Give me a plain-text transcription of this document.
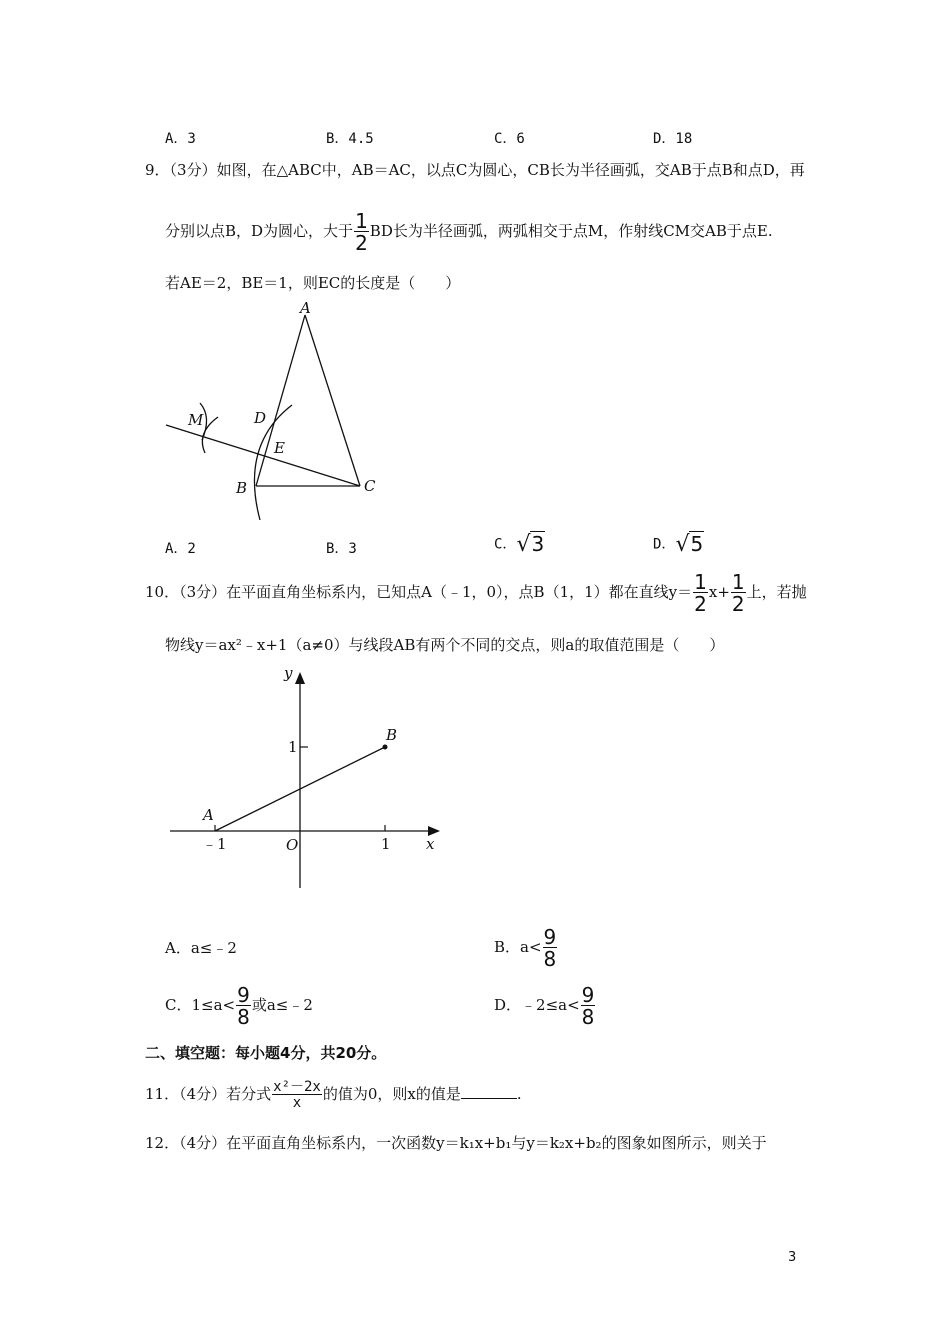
A．3	B．4.5	C．6	D．18
9．（3分）如图，在△ABC中，AB＝AC，以点C为圆心，CB长为半径画弧，交AB于点B和点D，再
分别以点B，D为圆心，大于 $\frac{1}{2}$ BD长为半径画弧，两弧相交于点M，作射线CM交AB于点E.
若AE＝2，BE＝1，则EC的长度是（　　）
A
D
E
M
B	C
A．2	B．3	C．√3	D．√5
10．（3分）在平面直角坐标系内，已知点A（﹣1，0），点B（1，1）都在直线$y= \frac{1}{2} x+ \frac{1}{2}$ 上，若抛
物线y＝ax²﹣x+1（a≠0）与线段AB有两个不同的交点，则a的取值范围是（　　）
y
x
O
A
B
1
1
﹣1
A．a≤﹣2	B．$a< \frac{9}{8}$
C．$1\le a< \frac{9}{8}$ 或a≤﹣2	D．﹣2≤a< $\frac{9}{8}$
二、填空题：每小题4分，共20分。
11．（4分）若分式 $\frac{\text{x²－2x}}{x}$ 的值为0，则x的值是	.
12．（4分）在平面直角坐标系内，一次函数y＝k₁x+b₁与y＝k₂x+b₂的图象如图所示，则关于
3
